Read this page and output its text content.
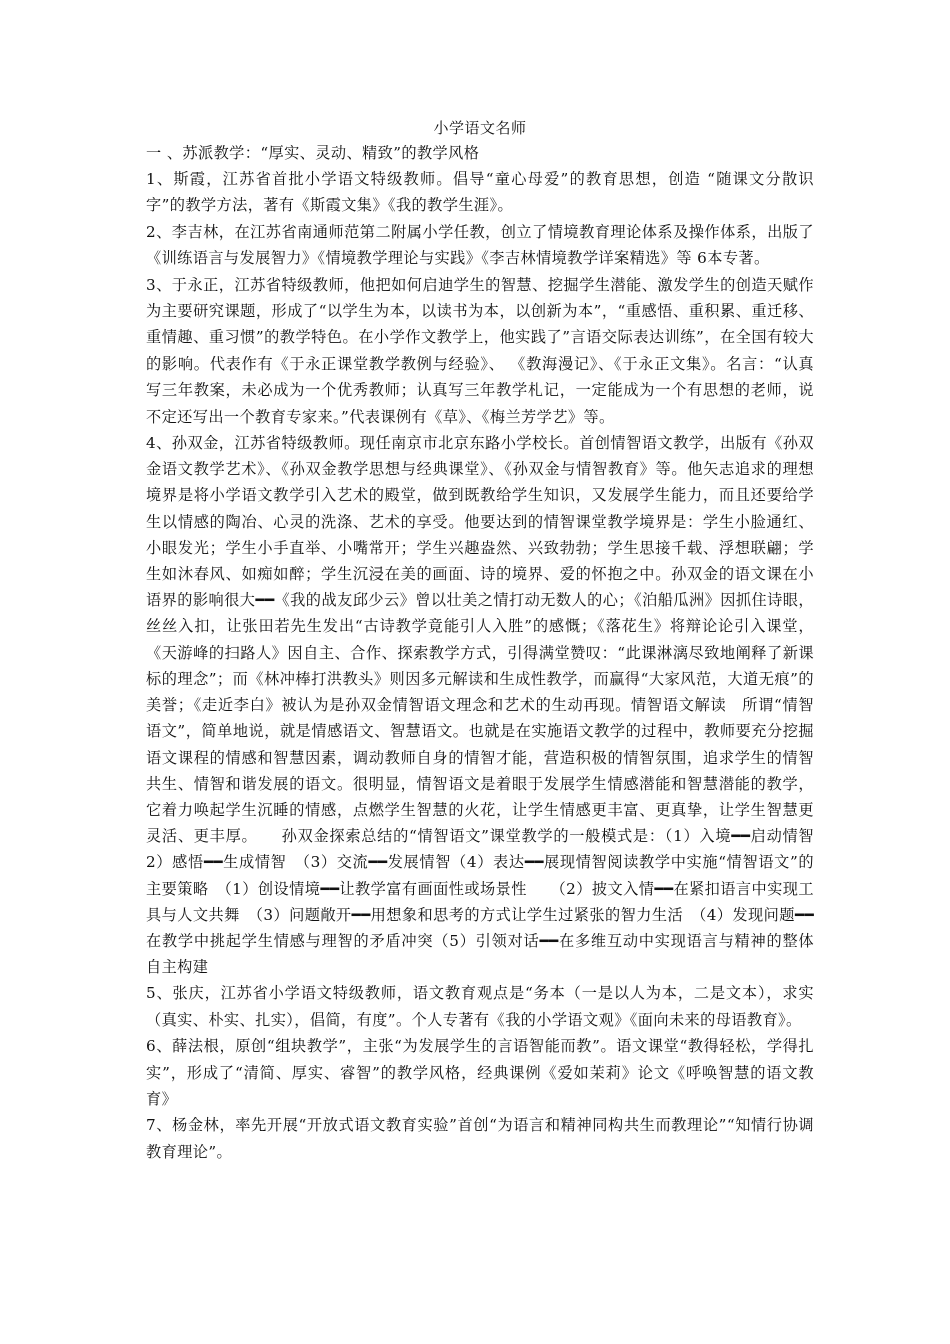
小学语文名师

一 、苏派教学：“厚实、灵动、精致”的教学风格

1、斯霞，江苏省首批小学语文特级教师。倡导“童心母爱”的教育思想，创造 “随课文分散识字”的教学方法，著有《斯霞文集》《我的教学生涯》。

2、李吉林，在江苏省南通师范第二附属小学任教，创立了情境教育理论体系及操作体系，出版了《训练语言与发展智力》《情境教学理论与实践》《李吉林情境教学详案精选》等 6本专著。

3、于永正，江苏省特级教师，他把如何启迪学生的智慧、挖掘学生潜能、激发学生的创造天赋作为主要研究课题，形成了“以学生为本，以读书为本，以创新为本”，“重感悟、重积累、重迁移、重情趣、重习惯”的教学特色。在小学作文教学上，他实践了”言语交际表达训练”，在全国有较大的影响。代表作有《于永正课堂教学教例与经验》、 《教海漫记》、《于永正文集》。名言：“认真写三年教案，未必成为一个优秀教师；认真写三年教学札记，一定能成为一个有思想的老师，说不定还写出一个教育专家来。”代表课例有《草》、《梅兰芳学艺》等。

4、孙双金，江苏省特级教师。现任南京市北京东路小学校长。首创情智语文教学，出版有《孙双金语文教学艺术》、《孙双金教学思想与经典课堂》、《孙双金与情智教育》等。他矢志追求的理想境界是将小学语文教学引入艺术的殿堂，做到既教给学生知识，又发展学生能力，而且还要给学生以情感的陶冶、心灵的洗涤、艺术的享受。他要达到的情智课堂教学境界是：学生小脸通红、小眼发光；学生小手直举、小嘴常开；学生兴趣盎然、兴致勃勃；学生思接千载、浮想联翩；学生如沐春风、如痴如醉；学生沉浸在美的画面、诗的境界、爱的怀抱之中。孙双金的语文课在小语界的影响很大━━《我的战友邱少云》曾以壮美之情打动无数人的心；《泊船瓜洲》因抓住诗眼，丝丝入扣，让张田若先生发出“古诗教学竟能引人入胜”的感慨；《落花生》将辩论论引入课堂，《天游峰的扫路人》因自主、合作、探索教学方式，引得满堂赞叹：“此课淋漓尽致地阐释了新课标的理念”；而《林冲棒打洪教头》则因多元解读和生成性教学，而赢得“大家风范，大道无痕”的美誉；《走近李白》被认为是孙双金情智语文理念和艺术的生动再现。情智语文解读　所谓“情智语文”，简单地说，就是情感语文、智慧语文。也就是在实施语文教学的过程中，教师要充分挖掘语文课程的情感和智慧因素，调动教师自身的情智才能，营造积极的情智氛围，追求学生的情智共生、情智和谐发展的语文。很明显，情智语文是着眼于发展学生情感潜能和智慧潜能的教学，它着力唤起学生沉睡的情感，点燃学生智慧的火花，让学生情感更丰富、更真挚，让学生智慧更灵活、更丰厚。　　孙双金探索总结的“情智语文”课堂教学的一般模式是：（1）入境━━启动情智　2）感悟━━生成情智　（3）交流━━发展情智（4）表达━━展现情智阅读教学中实施“情智语文”的主要策略　（1）创设情境━━让教学富有画面性或场景性　　（2）披文入情━━在紧扣语言中实现工具与人文共舞　（3）问题敞开━━用想象和思考的方式让学生过紧张的智力生活　（4）发现问题━━在教学中挑起学生情感与理智的矛盾冲突（5）引领对话━━在多维互动中实现语言与精神的整体自主构建

5、张庆，江苏省小学语文特级教师，语文教育观点是“务本（一是以人为本，二是文本），求实（真实、朴实、扎实），倡简，有度”。个人专著有《我的小学语文观》《面向未来的母语教育》。

6、薛法根，原创“组块教学”，主张“为发展学生的言语智能而教”。语文课堂“教得轻松，学得扎实”，形成了“清简、厚实、睿智”的教学风格，经典课例《爱如茉莉》论文《呼唤智慧的语文教育》

7、杨金林，率先开展“开放式语文教育实验”首创“为语言和精神同构共生而教理论”“知情行协调教育理论”。
